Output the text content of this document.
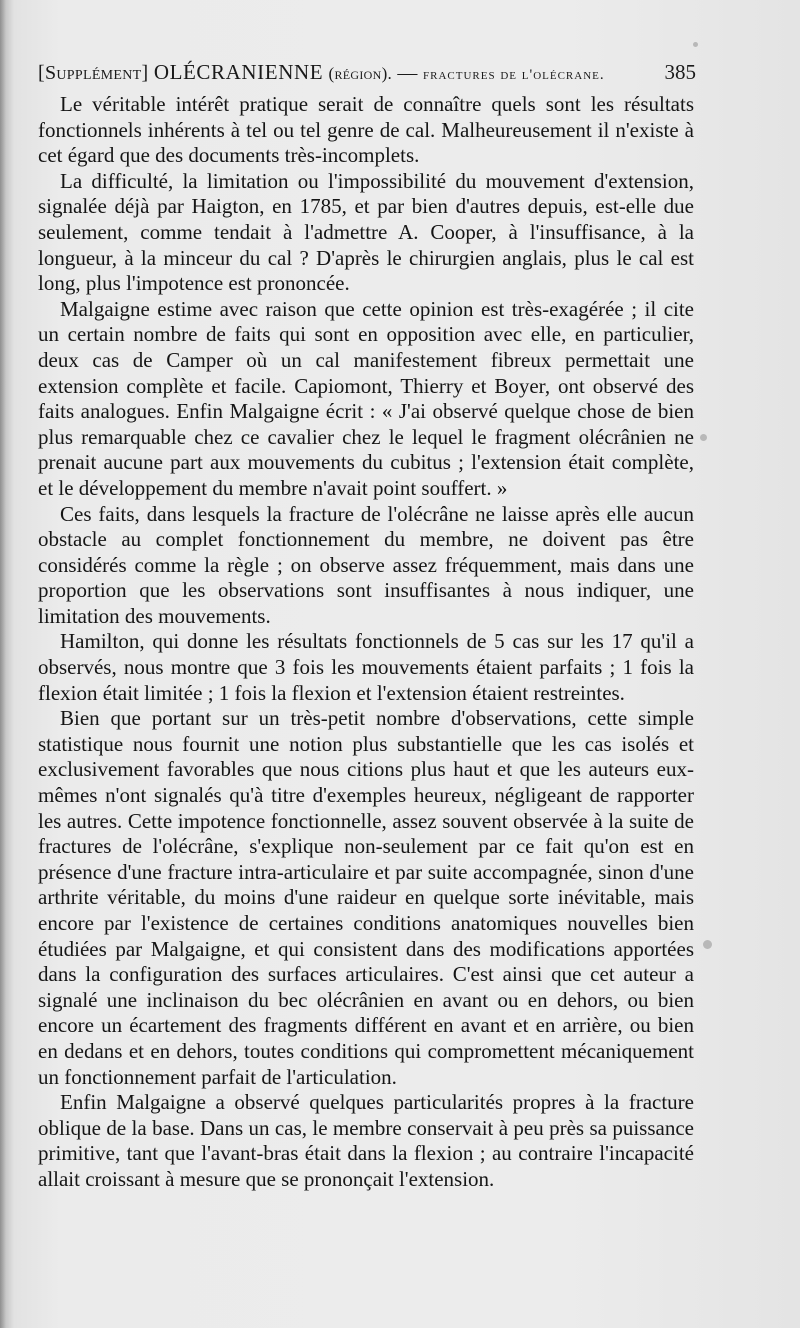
[Supplément] OLÉCRANIENNE (région). — fractures de l'olécrane.	385

Le véritable intérêt pratique serait de connaître quels sont les résultats fonctionnels inhérents à tel ou tel genre de cal. Malheureusement il n'existe à cet égard que des documents très-incomplets.

La difficulté, la limitation ou l'impossibilité du mouvement d'extension, signalée déjà par Haigton, en 1785, et par bien d'autres depuis, est-elle due seulement, comme tendait à l'admettre A. Cooper, à l'insuffisance, à la longueur, à la minceur du cal ? D'après le chirurgien anglais, plus le cal est long, plus l'impotence est prononcée.

Malgaigne estime avec raison que cette opinion est très-exagérée ; il cite un certain nombre de faits qui sont en opposition avec elle, en particulier, deux cas de Camper où un cal manifestement fibreux permettait une extension complète et facile. Capiomont, Thierry et Boyer, ont observé des faits analogues. Enfin Malgaigne écrit : « J'ai observé quelque chose de bien plus remarquable chez ce cavalier chez le lequel le fragment olécrânien ne prenait aucune part aux mouvements du cubitus ; l'extension était complète, et le développement du membre n'avait point souffert. »

Ces faits, dans lesquels la fracture de l'olécrâne ne laisse après elle aucun obstacle au complet fonctionnement du membre, ne doivent pas être considérés comme la règle ; on observe assez fréquemment, mais dans une proportion que les observations sont insuffisantes à nous indiquer, une limitation des mouvements.

Hamilton, qui donne les résultats fonctionnels de 5 cas sur les 17 qu'il a observés, nous montre que 3 fois les mouvements étaient parfaits ; 1 fois la flexion était limitée ; 1 fois la flexion et l'extension étaient restreintes.

Bien que portant sur un très-petit nombre d'observations, cette simple statistique nous fournit une notion plus substantielle que les cas isolés et exclusivement favorables que nous citions plus haut et que les auteurs eux-mêmes n'ont signalés qu'à titre d'exemples heureux, négligeant de rapporter les autres. Cette impotence fonctionnelle, assez souvent observée à la suite de fractures de l'olécrâne, s'explique non-seulement par ce fait qu'on est en présence d'une fracture intra-articulaire et par suite accompagnée, sinon d'une arthrite véritable, du moins d'une raideur en quelque sorte inévitable, mais encore par l'existence de certaines conditions anatomiques nouvelles bien étudiées par Malgaigne, et qui consistent dans des modifications apportées dans la configuration des surfaces articulaires. C'est ainsi que cet auteur a signalé une inclinaison du bec olécrânien en avant ou en dehors, ou bien encore un écartement des fragments différent en avant et en arrière, ou bien en dedans et en dehors, toutes conditions qui compromettent mécaniquement un fonctionnement parfait de l'articulation.

Enfin Malgaigne a observé quelques particularités propres à la fracture oblique de la base. Dans un cas, le membre conservait à peu près sa puissance primitive, tant que l'avant-bras était dans la flexion ; au contraire l'incapacité allait croissant à mesure que se prononçait l'extension.
